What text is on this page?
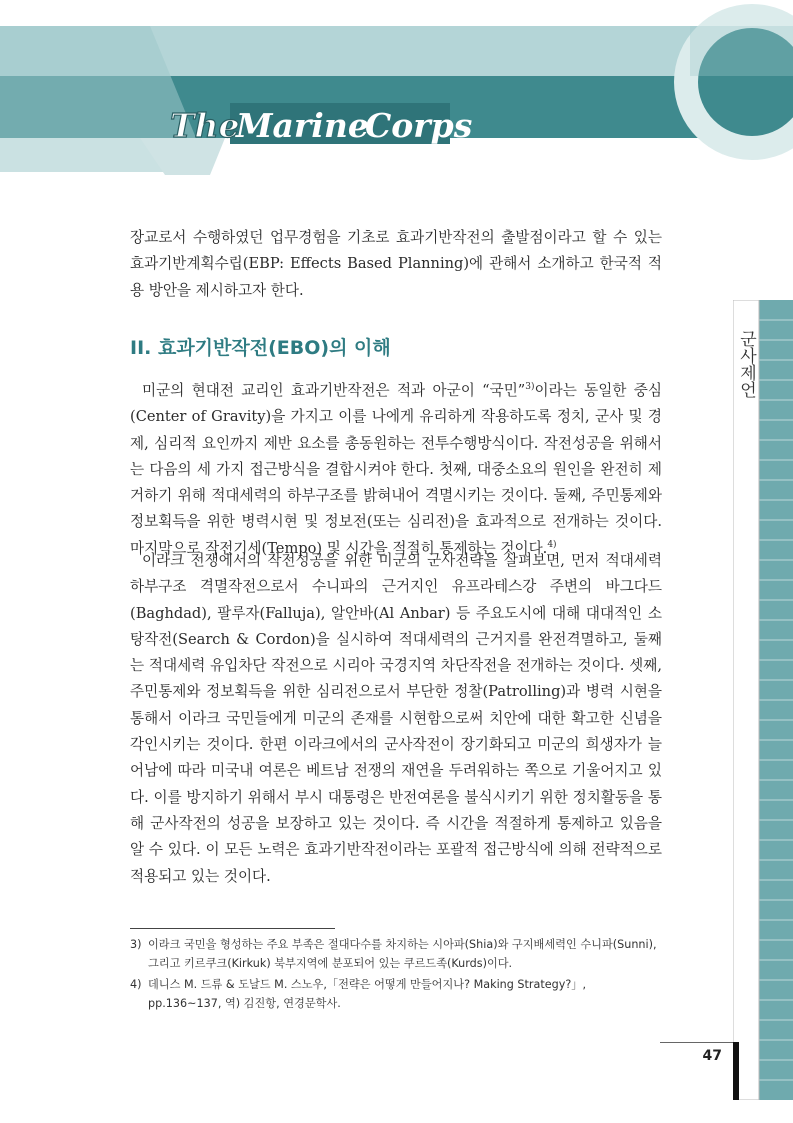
The
Marine
Corps
군사제언
장교로서 수행하였던 업무경험을 기초로 효과기반작전의 출발점이라고 할 수 있는 효과기반계획수립(EBP: Effects Based Planning)에 관해서 소개하고 한국적 적용 방안을 제시하고자 한다.
II. 효과기반작전(EBO)의 이해
미군의 현대전 교리인 효과기반작전은 적과 아군이 “국민”$^{3)}$이라는 동일한 중심(Center of Gravity)을 가지고 이를 나에게 유리하게 작용하도록 정치, 군사 및 경제, 심리적 요인까지 제반 요소를 총동원하는 전투수행방식이다. 작전성공을 위해서는 다음의 세 가지 접근방식을 결합시켜야 한다. 첫째, 대중소요의 원인을 완전히 제거하기 위해 적대세력의 하부구조를 밝혀내어 격멸시키는 것이다. 둘째, 주민통제와 정보획득을 위한 병력시현 및 정보전(또는 심리전)을 효과적으로 전개하는 것이다. 마지막으로 작전기세(Tempo) 및 시간을 적절히 통제하는 것이다.$^{4)}$
이라크 전쟁에서의 작전성공을 위한 미군의 군사전략을 살펴보면, 먼저 적대세력 하부구조 격멸작전으로서 수니파의 근거지인 유프라테스강 주변의 바그다드(Baghdad), 팔루자(Falluja), 알안바(Al Anbar) 등 주요도시에 대해 대대적인 소탕작전(Search & Cordon)을 실시하여 적대세력의 근거지를 완전격멸하고, 둘째는 적대세력 유입차단 작전으로 시리아 국경지역 차단작전을 전개하는 것이다. 셋째, 주민통제와 정보획득을 위한 심리전으로서 부단한 정찰(Patrolling)과 병력 시현을 통해서 이라크 국민들에게 미군의 존재를 시현함으로써 치안에 대한 확고한 신념을 각인시키는 것이다. 한편 이라크에서의 군사작전이 장기화되고 미군의 희생자가 늘어남에 따라 미국내 여론은 베트남 전쟁의 재연을 두려워하는 쪽으로 기울어지고 있다. 이를 방지하기 위해서 부시 대통령은 반전여론을 불식시키기 위한 정치활동을 통해 군사작전의 성공을 보장하고 있는 것이다. 즉 시간을 적절하게 통제하고 있음을 알 수 있다. 이 모든 노력은 효과기반작전이라는 포괄적 접근방식에 의해 전략적으로 적용되고 있는 것이다.
3) 이라크 국민을 형성하는 주요 부족은 절대다수를 차지하는 시아파(Shia)와 구지배세력인 수니파(Sunni), 그리고 키르쿠크(Kirkuk) 북부지역에 분포되어 있는 쿠르드족(Kurds)이다.
4) 데니스 M. 드류 & 도날드 M. 스노우,「전략은 어떻게 만들어지나? Making Strategy?」, pp.136~137, 역) 김진항, 연경문학사.
47
